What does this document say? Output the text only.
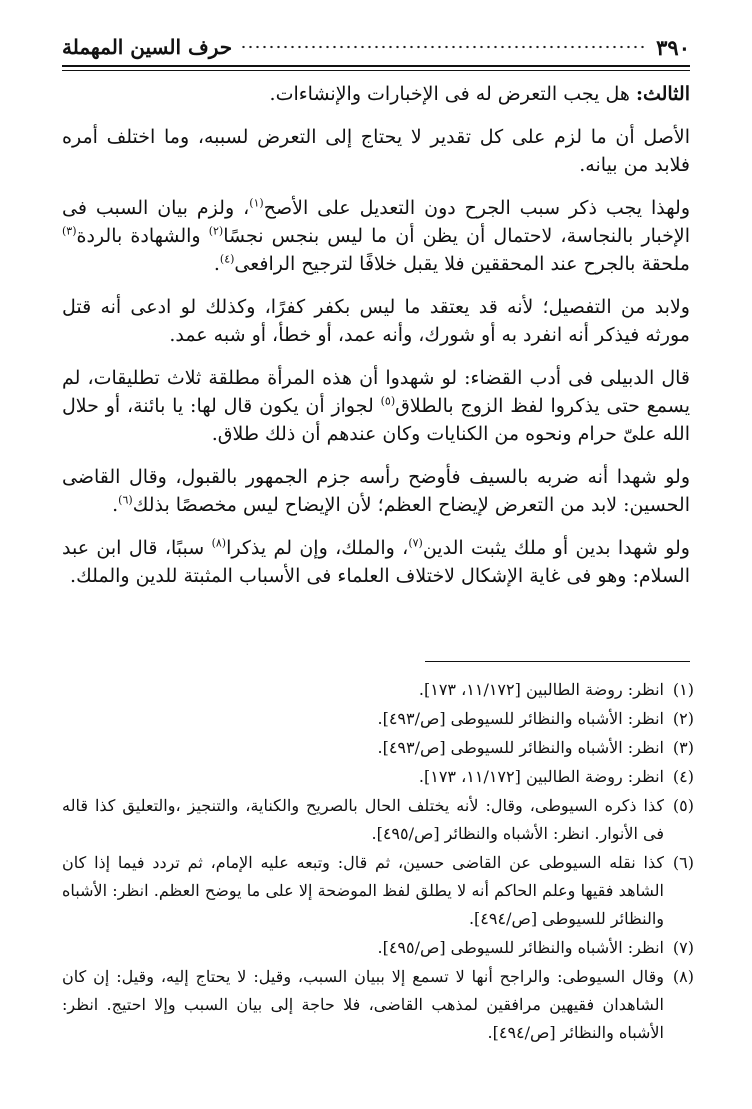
٣٩٠
حرف السين المهملة

الثالث: هل يجب التعرض له فى الإخبارات والإنشاءات.

الأصل أن ما لزم على كل تقدير لا يحتاج إلى التعرض لسببه، وما اختلف أمره فلابد من بيانه.

ولهذا يجب ذكر سبب الجرح دون التعديل على الأصح$^{(١)}$، ولزم بيان السبب فى الإخبار بالنجاسة، لاحتمال أن يظن أن ما ليس بنجس نجسًا$^{(٢)}$ والشهادة بالردة$^{(٣)}$ ملحقة بالجرح عند المحققين فلا يقبل خلافًا لترجيح الرافعى$^{(٤)}$.

ولابد من التفصيل؛ لأنه قد يعتقد ما ليس بكفر كفرًا، وكذلك لو ادعى أنه قتل مورثه فيذكر أنه انفرد به أو شورك، وأنه عمد، أو خطأ، أو شبه عمد.

قال الدبيلى فى أدب القضاء: لو شهدوا أن هذه المرأة مطلقة ثلاث تطليقات، لم يسمع حتى يذكروا لفظ الزوج بالطلاق$^{(٥)}$ لجواز أن يكون قال لها: يا بائنة، أو حلال الله علىّ حرام ونحوه من الكنايات وكان عندهم أن ذلك طلاق.

ولو شهدا أنه ضربه بالسيف فأوضح رأسه جزم الجمهور بالقبول، وقال القاضى الحسين: لابد من التعرض لإيضاح العظم؛ لأن الإيضاح ليس مخصصًا بذلك$^{(٦)}$.

ولو شهدا بدين أو ملك يثبت الدين$^{(٧)}$، والملك، وإن لم يذكرا$^{(٨)}$ سببًا، قال ابن عبد السلام: وهو فى غاية الإشكال لاختلاف العلماء فى الأسباب المثبتة للدين والملك.

(١)
انظر: روضة الطالبين [١١/١٧٢، ١٧٣].
(٢)
انظر: الأشباه والنظائر للسيوطى [ص/٤٩٣].
(٣)
انظر: الأشباه والنظائر للسيوطى [ص/٤٩٣].
(٤)
انظر: روضة الطالبين [١١/١٧٢، ١٧٣].
(٥)
كذا ذكره السيوطى، وقال: لأنه يختلف الحال بالصريح والكناية، والتنجيز ،والتعليق كذا قاله فى الأنوار. انظر: الأشباه والنظائر [ص/٤٩٥].
(٦)
كذا نقله السيوطى عن القاضى حسين، ثم قال: وتبعه عليه الإمام، ثم تردد فيما إذا كان الشاهد فقيها وعلم الحاكم أنه لا يطلق لفظ الموضحة إلا على ما يوضح العظم. انظر: الأشباه والنظائر للسيوطى [ص/٤٩٤].
(٧)
انظر: الأشباه والنظائر للسيوطى [ص/٤٩٥].
(٨)
وقال السيوطى: والراجح أنها لا تسمع إلا ببيان السبب، وقيل: لا يحتاج إليه، وقيل: إن كان الشاهدان فقيهين مرافقين لمذهب القاضى، فلا حاجة إلى بيان السبب وإلا احتيج. انظر: الأشباه والنظائر [ص/٤٩٤].
